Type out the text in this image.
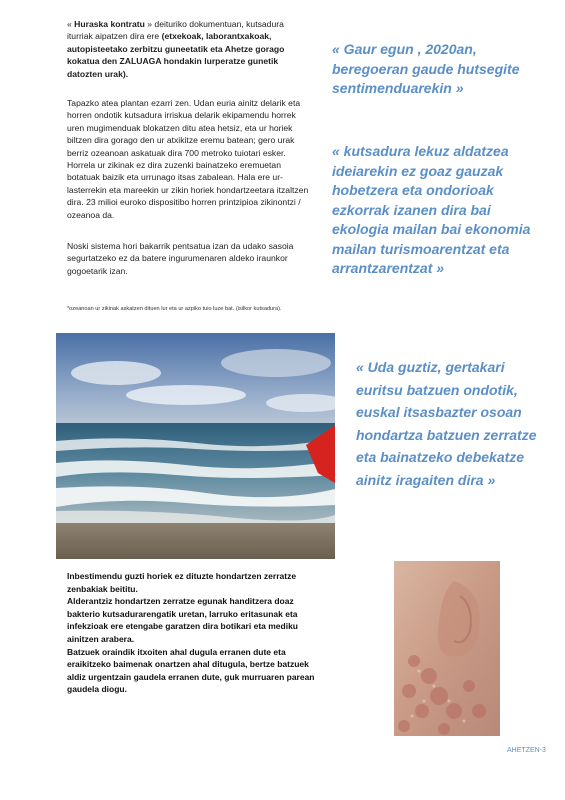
« Huraska kontratu » deituriko dokumentuan, kutsadura iturriak aipatzen dira ere (etxekoak, laborantxakoak, autopisteetako zerbitzu guneetatik eta Ahetze gorago kokatua den ZALUAGA hondakin lurperatze gunetik datozten urak).
Tapazko atea plantan ezarri zen. Udan euria ainitz delarik eta horren ondotik kutsadura irriskua delarik ekipamendu horrek uren mugimenduak blokatzen ditu atea hetsiz, eta ur horiek biltzen dira gorago den ur atxikitze eremu batean; gero urak berriz ozeanoan askatuak dira 700 metroko tuiotari esker. Horrela ur zikinak ez dira zuzenki bainatzeko eremuetan botatuak baizik eta urrunago itsas zabalean. Hala ere ur-lasterrekin eta mareekin ur zikin horiek hondartzeetara itzaltzen dira. 23 milioi euroko dispositibo horren printzipioa zikinontzi / ozeanoa da.
Noski sistema hori bakarrik pentsatua izan da udako sasoia segurtatzeko ez da batere ingurumenaren aldeko iraunkor gogoetarik izan.
*ozeanoan ur zikinak askatzen dituen lur eta ur azpiko tuio luze bat. (isilkor kutsadura).
« Gaur egun , 2020an, beregoeran gaude hutsegite sentimenduarekin »
« kutsadura lekuz aldatzea ideiarekin ez goaz gauzak hobetzera eta ondorioak ezkorrak izanen dira bai ekologia mailan bai ekonomia mailan turismoarentzat eta arrantzarentzat »
« Uda guztiz, gertakari euritsu batzuen ondotik, euskal itsasbazter osoan hondartza batzuen zerratze eta bainatzeko debekatze ainitz iragaiten dira »
Inbestimendu guzti horiek ez dituzte hondartzen zerratze zenbakiak beititu.
Alderantziz hondartzen zerratze egunak handitzera doaz bakterio kutsadurarengatik uretan, larruko eritasunak eta infekzioak ere etengabe garatzen dira botikari eta mediku ainitzen arabera.
Batzuek oraindik itxoiten ahal dugula erranen dute eta eraikitzeko baimenak onartzen ahal ditugula, bertze batzuek aldiz urgentzain gaudela erranen dute, guk murruaren parean gaudela diogu.
AHETZEN-3
